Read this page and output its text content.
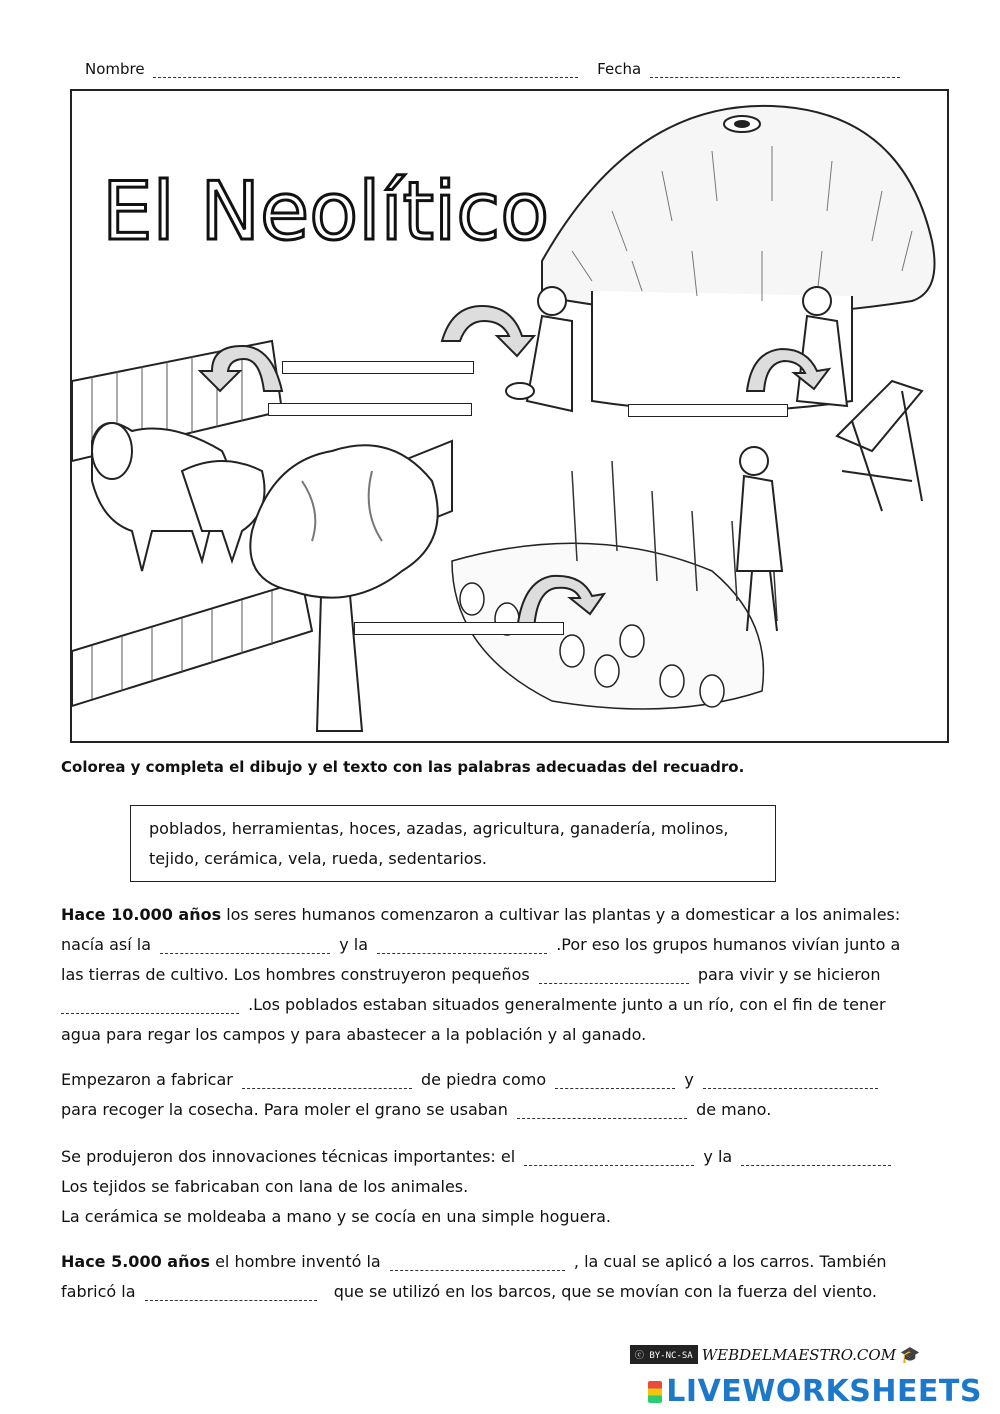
Nombre	Fecha
El Neolítico
Colorea y completa el dibujo y el texto con las palabras adecuadas del recuadro.
poblados, herramientas, hoces, azadas, agricultura, ganadería, molinos,
tejido, cerámica, vela, rueda, sedentarios.
Hace 10.000 años los seres humanos comenzaron a cultivar las plantas y a domesticar a los animales:
nacía así la	y la	.Por eso los grupos humanos vivían junto a
las tierras de cultivo. Los hombres construyeron pequeños	para vivir y se hicieron
.Los poblados estaban situados generalmente junto a un río, con el fin de tener
agua para regar los campos y para abastecer a la población y al ganado.
Empezaron a fabricar	de piedra como	y
para recoger la cosecha. Para moler el grano se usaban	de mano.
Se produjeron dos innovaciones técnicas importantes: el	y la
Los tejidos se fabricaban con lana de los animales.
La cerámica se moldeaba a mano y se cocía en una simple hoguera.
Hace 5.000 años el hombre inventó la	, la cual se aplicó a los carros. También
fabricó la	que se utilizó en los barcos, que se movían con la fuerza del viento.
ⓒ BY-NC-SA WEBDELMAESTRO.COM 🎓
LIVEWORKSHEETS
